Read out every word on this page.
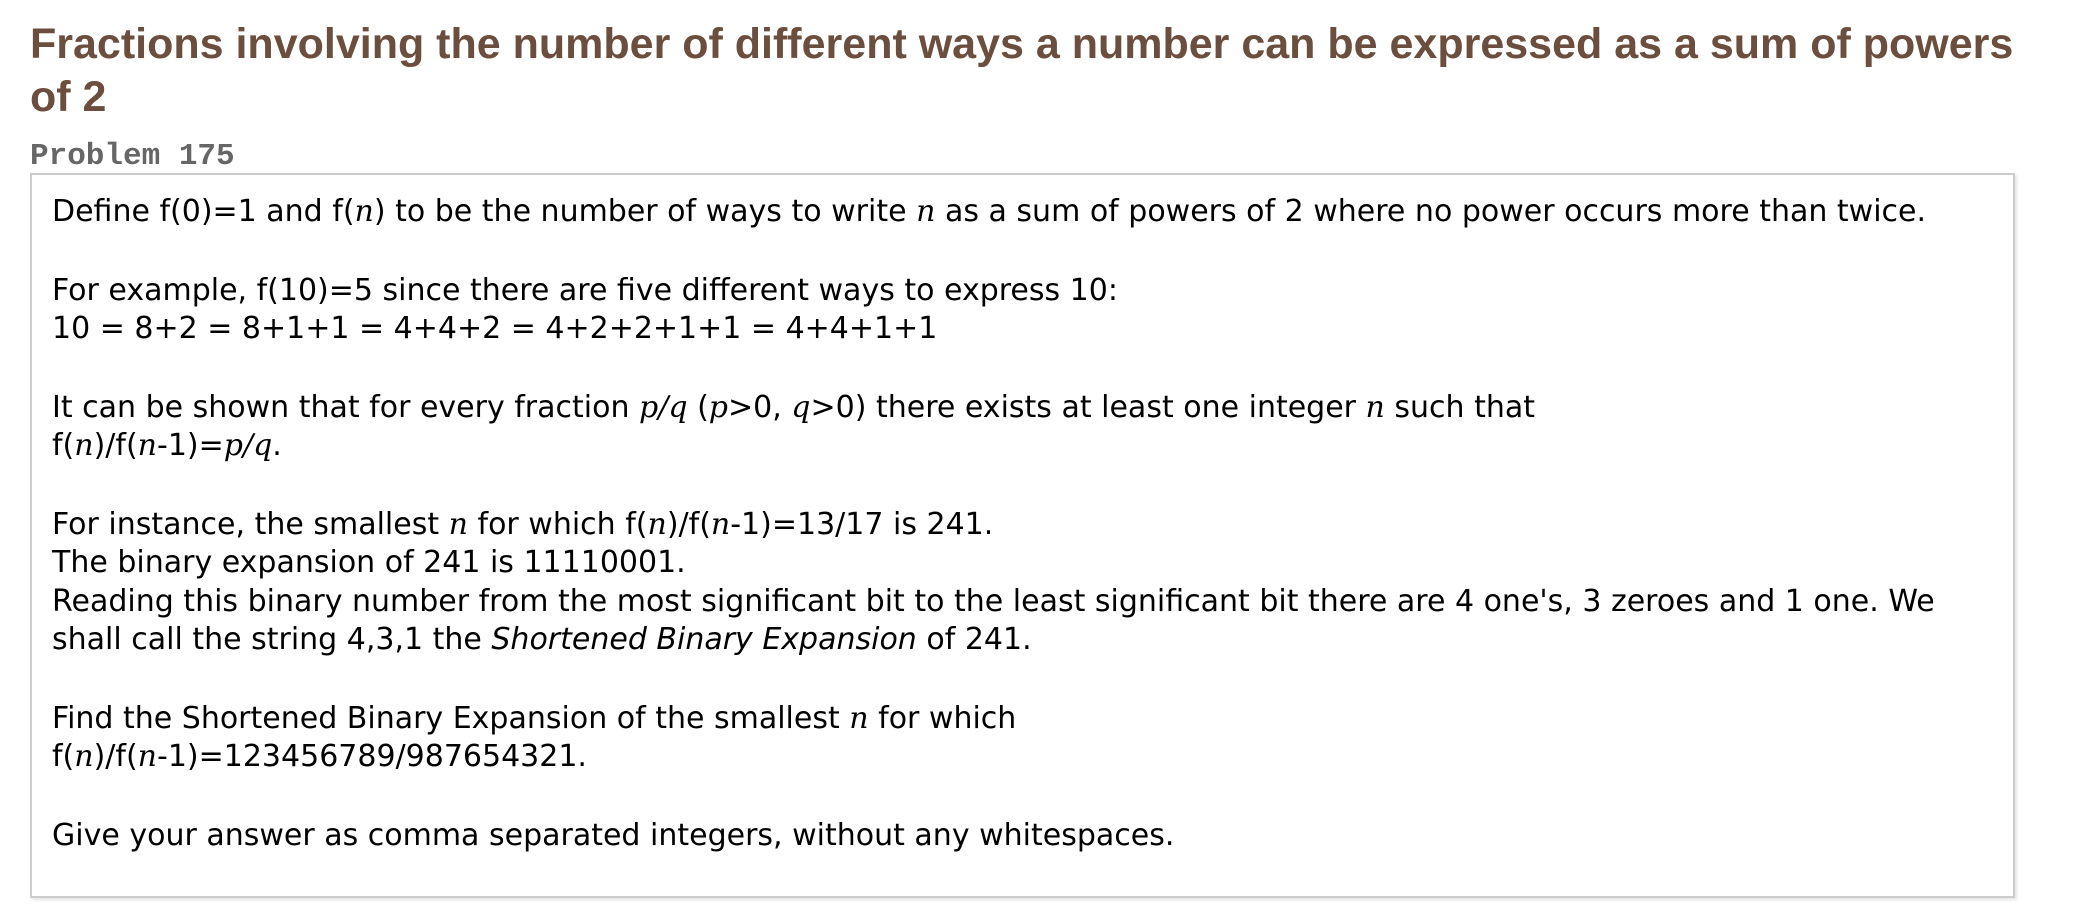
Fractions involving the number of different ways a number can be expressed as a sum of powers of 2
Problem 175

Define f(0)=1 and f(n) to be the number of ways to write n as a sum of powers of 2 where no power occurs more than twice.

For example, f(10)=5 since there are five different ways to express 10:
10 = 8+2 = 8+1+1 = 4+4+2 = 4+2+2+1+1 = 4+4+1+1

It can be shown that for every fraction p/q (p>0, q>0) there exists at least one integer n such that
f(n)/f(n-1)=p/q.

For instance, the smallest n for which f(n)/f(n-1)=13/17 is 241.
The binary expansion of 241 is 11110001.
Reading this binary number from the most significant bit to the least significant bit there are 4 one's, 3 zeroes and 1 one. We shall call the string 4,3,1 the Shortened Binary Expansion of 241.

Find the Shortened Binary Expansion of the smallest n for which
f(n)/f(n-1)=123456789/987654321.

Give your answer as comma separated integers, without any whitespaces.
